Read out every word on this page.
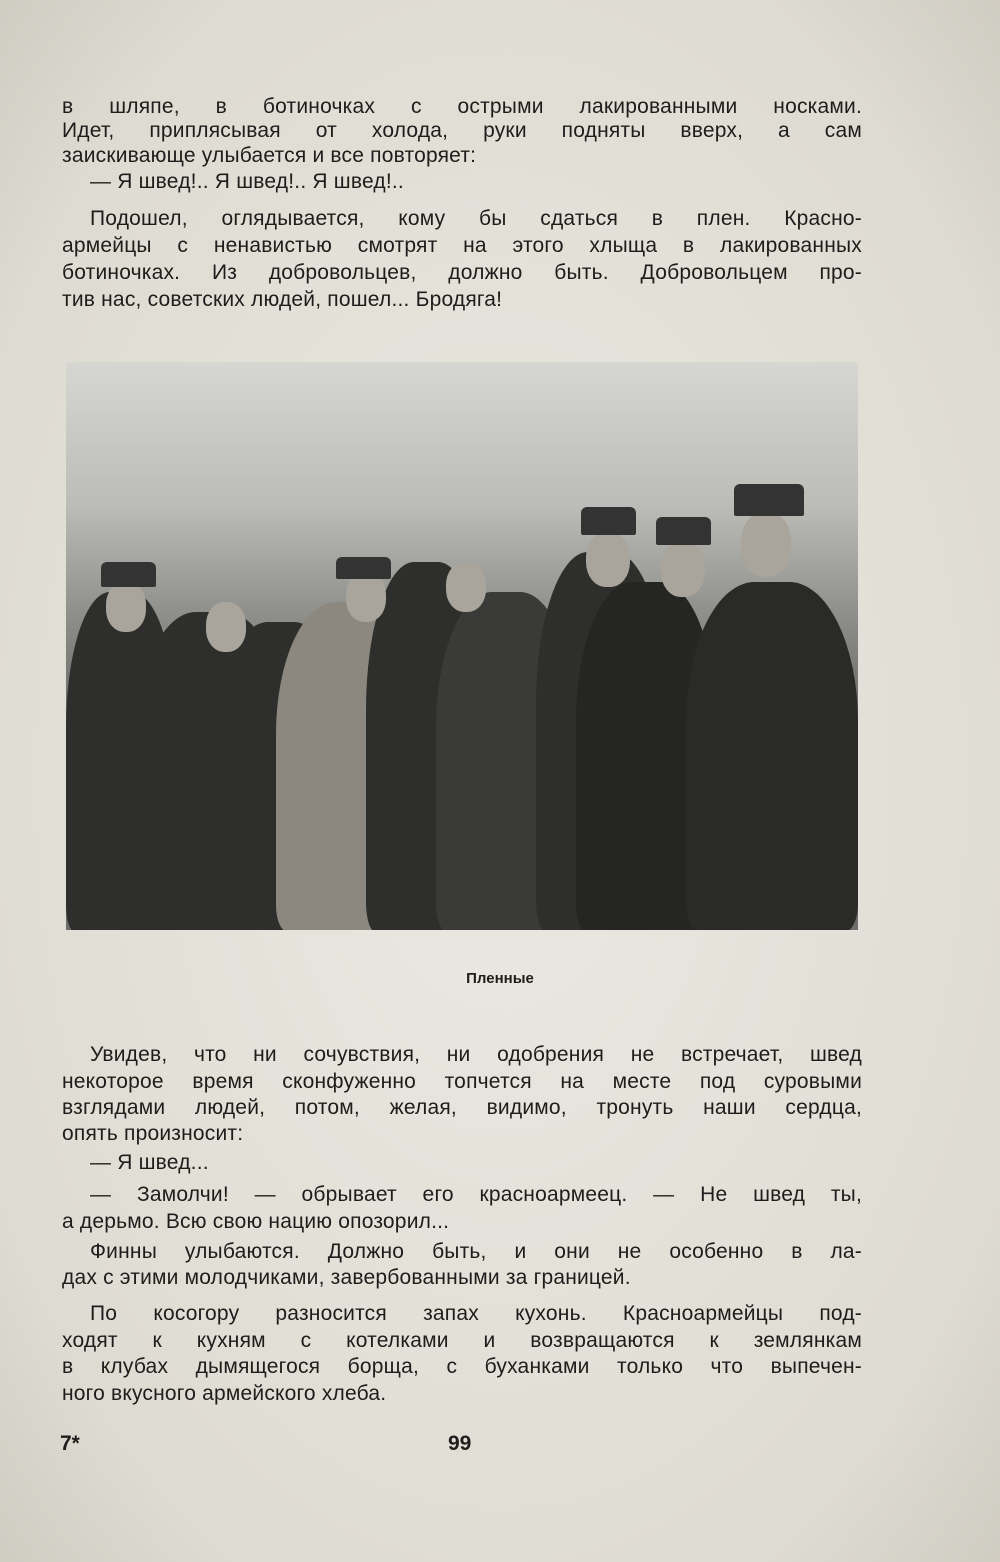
в шляпе, в ботиночках с острыми лакированными носками.
Идет, приплясывая от холода, руки подняты вверх, а сам
заискивающе улыбается и все повторяет:
— Я швед!.. Я швед!.. Я швед!..
Подошел, оглядывается, кому бы сдаться в плен. Красно-
армейцы с ненавистью смотрят на этого хлыща в лакированных
ботиночках. Из добровольцев, должно быть. Добровольцем про-
тив нас, советских людей, пошел... Бродяга!
Пленные
Увидев, что ни сочувствия, ни одобрения не встречает, швед
некоторое время сконфуженно топчется на месте под суровыми
взглядами людей, потом, желая, видимо, тронуть наши сердца,
опять произносит:
— Я швед...
— Замолчи! — обрывает его красноармеец. — Не швед ты,
а дерьмо. Всю свою нацию опозорил...
Финны улыбаются. Должно быть, и они не особенно в ла-
дах с этими молодчиками, завербованными за границей.
По косогору разносится запах кухонь. Красноармейцы под-
ходят к кухням с котелками и возвращаются к землянкам
в клубах дымящегося борща, с буханками только что выпечен-
ного вкусного армейского хлеба.
7*	99
